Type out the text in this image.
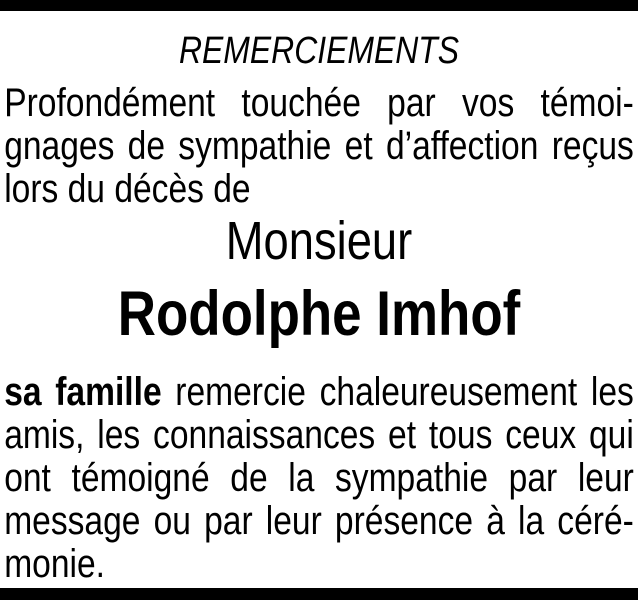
REMERCIEMENTS
Profondément touchée par vos témoi-
gnages de sympathie et d’affection reçus
lors du décès de
Monsieur
Rodolphe Imhof
sa famille remercie chaleureusement les
amis, les connaissances et tous ceux qui
ont témoigné de la sympathie par leur
message ou par leur présence à la céré-
monie.
